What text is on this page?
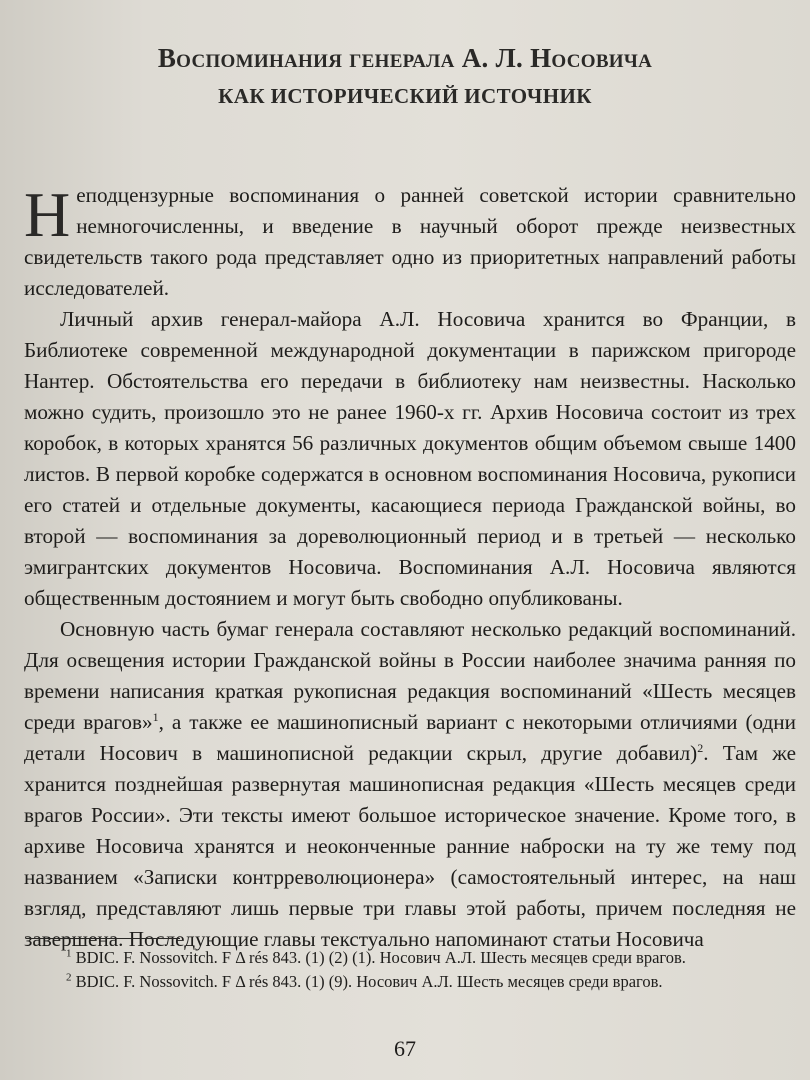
Воспоминания генерала А. Л. Носовича

КАК ИСТОРИЧЕСКИЙ ИСТОЧНИК

Неподцензурные воспоминания о ранней советской истории сравнительно немногочисленны, и введение в научный оборот прежде неизвестных свидетельств такого рода представляет одно из приоритетных направлений работы исследователей.

Личный архив генерал-майора А.Л. Носовича хранится во Франции, в Библиотеке современной международной документации в парижском пригороде Нантер. Обстоятельства его передачи в библиотеку нам неизвестны. Насколько можно судить, произошло это не ранее 1960-х гг. Архив Носовича состоит из трех коробок, в которых хранятся 56 различных документов общим объемом свыше 1400 листов. В первой коробке содержатся в основном воспоминания Носовича, рукописи его статей и отдельные документы, касающиеся периода Гражданской войны, во второй — воспоминания за дореволюционный период и в третьей — несколько эмигрантских документов Носовича. Воспоминания А.Л. Носовича являются общественным достоянием и могут быть свободно опубликованы.

Основную часть бумаг генерала составляют несколько редакций воспоминаний. Для освещения истории Гражданской войны в России наиболее значима ранняя по времени написания краткая рукописная редакция воспоминаний «Шесть месяцев среди врагов»$^1$, а также ее машинописный вариант с некоторыми отличиями (одни детали Носович в машинописной редакции скрыл, другие добавил)$^2$. Там же хранится позднейшая развернутая машинописная редакция «Шесть месяцев среди врагов России». Эти тексты имеют большое историческое значение. Кроме того, в архиве Носовича хранятся и неоконченные ранние наброски на ту же тему под названием «Записки контрреволюционера» (самостоятельный интерес, на наш взгляд, представляют лишь первые три главы этой работы, причем последняя не завершена. Последующие главы текстуально напоминают статьи Носовича

$^1$ BDIC. F. Nossovitch. F Δ rés 843. (1) (2) (1). Носович А.Л. Шесть месяцев среди врагов.

$^2$ BDIC. F. Nossovitch. F Δ rés 843. (1) (9). Носович А.Л. Шесть месяцев среди врагов.

67
